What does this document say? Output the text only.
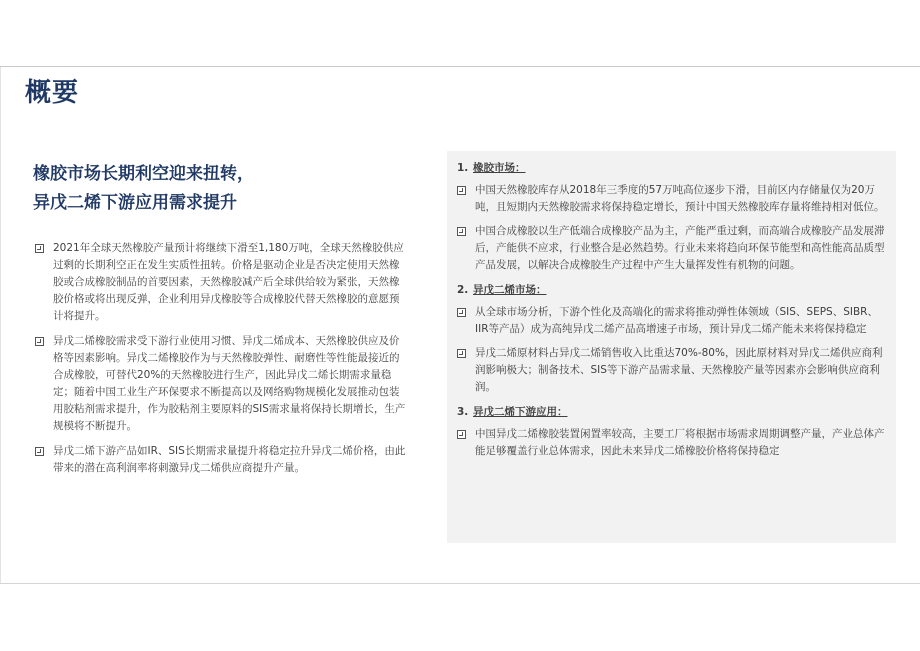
概要
橡胶市场长期利空迎来扭转，
异戊二烯下游应用需求提升
2021年全球天然橡胶产量预计将继续下滑至1,180万吨，全球天然橡胶供应过剩的长期利空正在发生实质性扭转。价格是驱动企业是否决定使用天然橡胶或合成橡胶制品的首要因素，天然橡胶减产后全球供给较为紧张，天然橡胶价格或将出现反弹，企业利用异戊橡胶等合成橡胶代替天然橡胶的意愿预计将提升。
异戊二烯橡胶需求受下游行业使用习惯、异戊二烯成本、天然橡胶供应及价格等因素影响。异戊二烯橡胶作为与天然橡胶弹性、耐磨性等性能最接近的合成橡胶，可替代20%的天然橡胶进行生产，因此异戊二烯长期需求量稳定；随着中国工业生产环保要求不断提高以及网络购物规模化发展推动包装用胶粘剂需求提升，作为胶粘剂主要原料的SIS需求量将保持长期增长，生产规模将不断提升。
异戊二烯下游产品如IR、SIS长期需求量提升将稳定拉升异戊二烯价格，由此带来的潜在高利润率将刺激异戊二烯供应商提升产量。
1. 橡胶市场：
中国天然橡胶库存从2018年三季度的57万吨高位逐步下滑，目前区内存储量仅为20万吨，且短期内天然橡胶需求将保持稳定增长，预计中国天然橡胶库存量将维持相对低位。
中国合成橡胶以生产低端合成橡胶产品为主，产能严重过剩，而高端合成橡胶产品发展滞后，产能供不应求，行业整合是必然趋势。行业未来将趋向环保节能型和高性能高品质型产品发展，以解决合成橡胶生产过程中产生大量挥发性有机物的问题。
2. 异戊二烯市场：
从全球市场分析，下游个性化及高端化的需求将推动弹性体领域（SIS、SEPS、SIBR、IIR等产品）成为高纯异戊二烯产品高增速子市场，预计异戊二烯产能未来将保持稳定
异戊二烯原材料占异戊二烯销售收入比重达70%-80%，因此原材料对异戊二烯供应商利润影响极大；制备技术、SIS等下游产品需求量、天然橡胶产量等因素亦会影响供应商利润。
3. 异戊二烯下游应用：
中国异戊二烯橡胶装置闲置率较高，主要工厂将根据市场需求周期调整产量，产业总体产能足够覆盖行业总体需求，因此未来异戊二烯橡胶价格将保持稳定
